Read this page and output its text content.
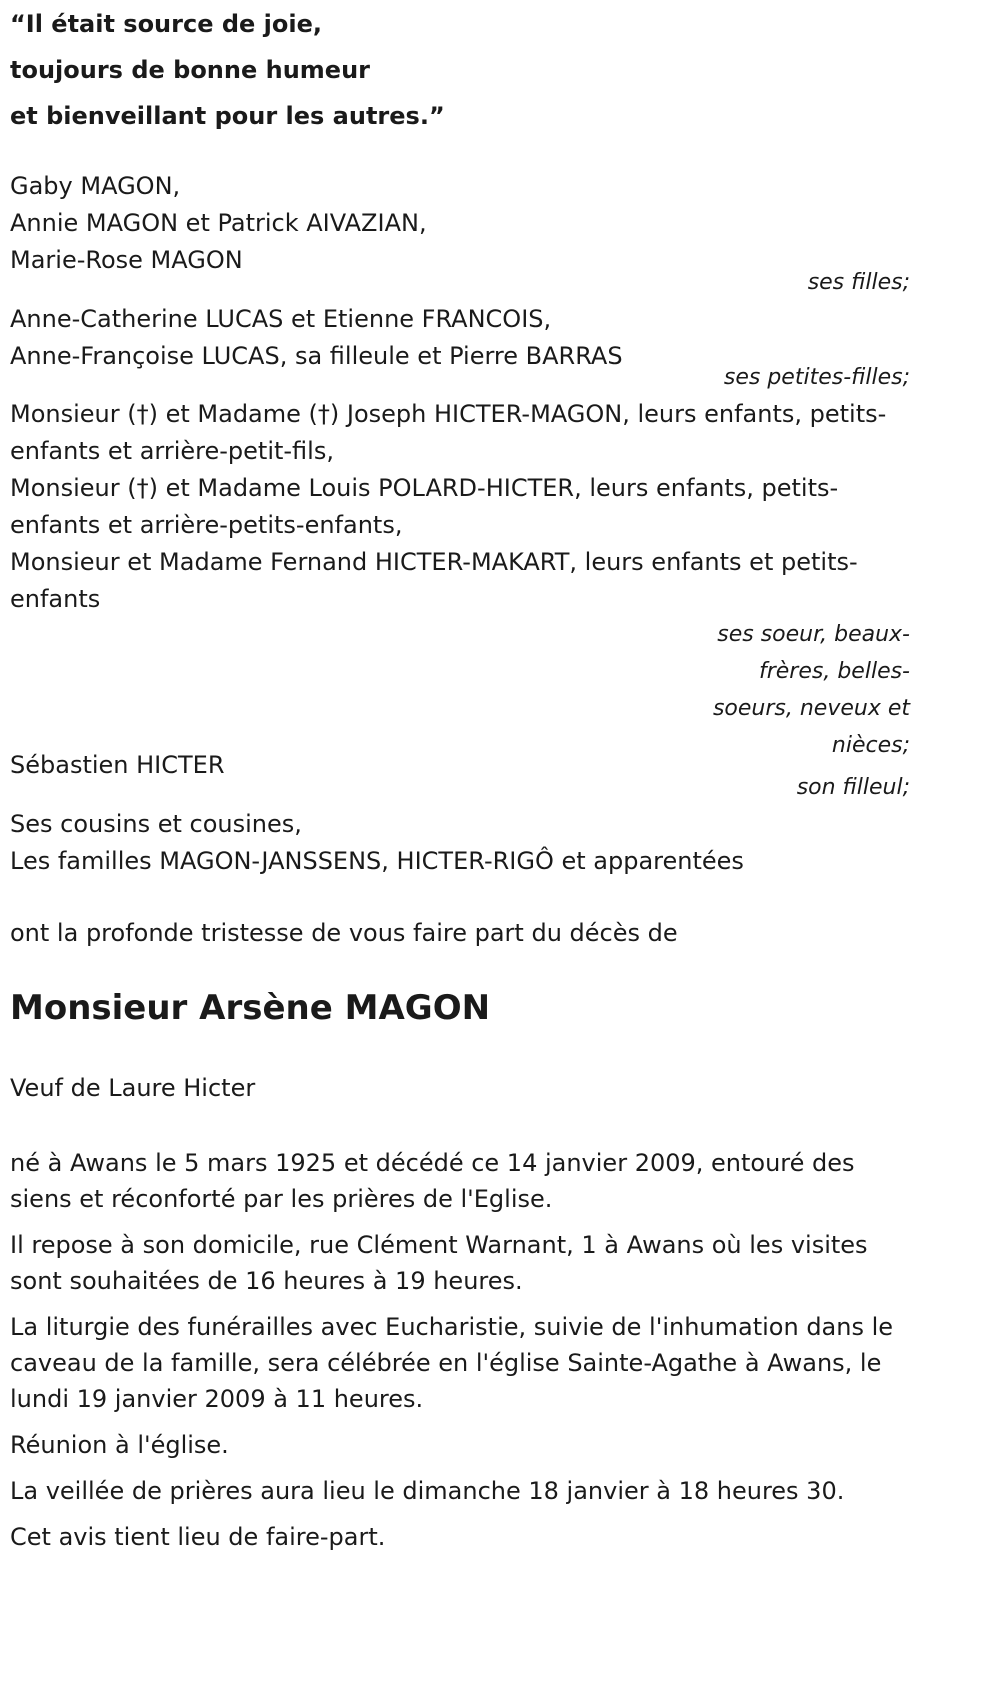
“Il était source de joie,
toujours de bonne humeur
et bienveillant pour les autres.”
Gaby MAGON,
Annie MAGON et Patrick AIVAZIAN,
Marie-Rose MAGON
ses filles;
Anne-Catherine LUCAS et Etienne FRANCOIS,
Anne-Françoise LUCAS, sa filleule et Pierre BARRAS
ses petites-filles;
Monsieur (†) et Madame (†) Joseph HICTER-MAGON, leurs enfants, petits-enfants et arrière-petit-fils,
Monsieur (†) et Madame Louis POLARD-HICTER, leurs enfants, petits-enfants et arrière-petits-enfants,
Monsieur et Madame Fernand HICTER-MAKART, leurs enfants et petits-enfants
ses soeur, beaux-frères, belles-soeurs, neveux et nièces;
Sébastien HICTER
son filleul;
Ses cousins et cousines,
Les familles MAGON-JANSSENS, HICTER-RIGÔ et apparentées
ont la profonde tristesse de vous faire part du décès de
Monsieur Arsène MAGON
Veuf de Laure Hicter
né à Awans le 5 mars 1925 et décédé ce 14 janvier 2009, entouré des siens et réconforté par les prières de l'Eglise.
Il repose à son domicile, rue Clément Warnant, 1 à Awans où les visites sont souhaitées de 16 heures à 19 heures.
La liturgie des funérailles avec Eucharistie, suivie de l'inhumation dans le caveau de la famille, sera célébrée en l'église Sainte-Agathe à Awans, le lundi 19 janvier 2009 à 11 heures.
Réunion à l'église.
La veillée de prières aura lieu le dimanche 18 janvier à 18 heures 30.
Cet avis tient lieu de faire-part.
